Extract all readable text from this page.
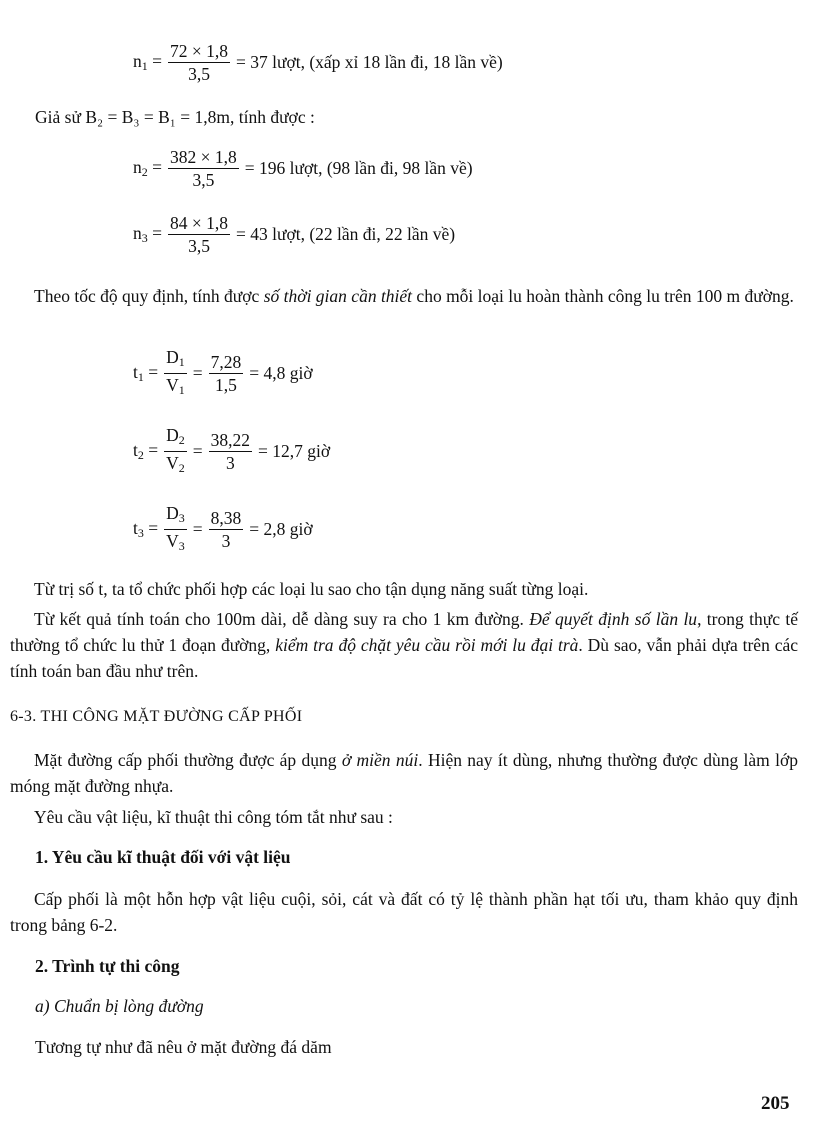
$n_1 = \frac{72 \times 1,8}{3,5} = 37$ lượt, (xấp xỉ 18 lần đi, 18 lần về)
Giả sử B₂ = B₃ = B₁ = 1,8m, tính được :
$n_2 = \frac{382 \times 1,8}{3,5} = 196$ lượt, (98 lần đi, 98 lần về)
$n_3 = \frac{84 \times 1,8}{3,5} = 43$ lượt, (22 lần đi, 22 lần về)
Theo tốc độ quy định, tính được số thời gian cần thiết cho mỗi loại lu hoàn thành công lu trên 100 m đường.
$t_1 = \frac{D_1}{V_1} = \frac{7,28}{1,5} = 4,8$ giờ
$t_2 = \frac{D_2}{V_2} = \frac{38,22}{3} = 12,7$ giờ
$t_3 = \frac{D_3}{V_3} = \frac{8,38}{3} = 2,8$ giờ
Từ trị số t, ta tổ chức phối hợp các loại lu sao cho tận dụng năng suất từng loại.
Từ kết quả tính toán cho 100m dài, dễ dàng suy ra cho 1 km đường. Để quyết định số lần lu, trong thực tế thường tổ chức lu thử 1 đoạn đường, kiểm tra độ chặt yêu cầu rồi mới lu đại trà. Dù sao, vẫn phải dựa trên các tính toán ban đầu như trên.
6-3. THI CÔNG MẶT ĐƯỜNG CẤP PHỐI
Mặt đường cấp phối thường được áp dụng ở miền núi. Hiện nay ít dùng, nhưng thường được dùng làm lớp móng mặt đường nhựa.
Yêu cầu vật liệu, kĩ thuật thi công tóm tắt như sau :
1. Yêu cầu kĩ thuật đối với vật liệu
Cấp phối là một hỗn hợp vật liệu cuội, sỏi, cát và đất có tỷ lệ thành phần hạt tối ưu, tham khảo quy định trong bảng 6-2.
2. Trình tự thi công
a) Chuẩn bị lòng đường
Tương tự như đã nêu ở mặt đường đá dăm
205
